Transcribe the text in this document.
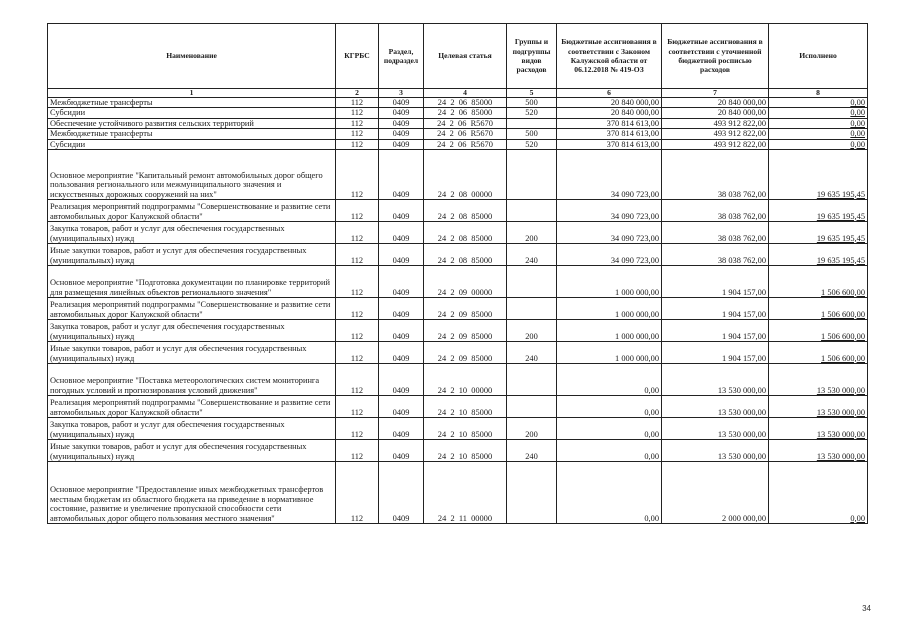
Наименование	КГРБС	Раздел, подраздел	Целевая статья	Группы и подгруппы видов расходов	Бюджетные ассигнования в соответствии с Законом Калужской области от 06.12.2018 № 419-ОЗ	Бюджетные ассигнования в соответствии с уточненной бюджетной росписью расходов	Исполнено
1	2	3	4	5	6	7	8
Межбюджетные трансферты	112	0409	24  2  06  85000	500	20 840 000,00	20 840 000,00	0,00
Субсидии	112	0409	24  2  06  85000	520	20 840 000,00	20 840 000,00	0,00
Обеспечение устойчивого развития сельских территорий	112	0409	24  2  06  R5670		370 814 613,00	493 912 822,00	0,00
Межбюджетные трансферты	112	0409	24  2  06  R5670	500	370 814 613,00	493 912 822,00	0,00
Субсидии	112	0409	24  2  06  R5670	520	370 814 613,00	493 912 822,00	0,00
Основное мероприятие "Капитальный ремонт автомобильных дорог общего пользования регионального или межмуниципального значения и искусственных дорожных сооружений на них"	112	0409	24  2  08  00000		34 090 723,00	38 038 762,00	19 635 195,45
Реализация мероприятий подпрограммы "Совершенствование и развитие сети автомобильных дорог Калужской области"	112	0409	24  2  08  85000		34 090 723,00	38 038 762,00	19 635 195,45
Закупка товаров, работ и услуг для обеспечения государственных (муниципальных) нужд	112	0409	24  2  08  85000	200	34 090 723,00	38 038 762,00	19 635 195,45
Иные закупки товаров, работ и услуг для обеспечения государственных (муниципальных) нужд	112	0409	24  2  08  85000	240	34 090 723,00	38 038 762,00	19 635 195,45
Основное мероприятие "Подготовка документации по планировке территорий для размещения линейных объектов регионального значения"	112	0409	24  2  09  00000		1 000 000,00	1 904 157,00	1 506 600,00
Реализация мероприятий подпрограммы "Совершенствование и развитие сети автомобильных дорог Калужской области"	112	0409	24  2  09  85000		1 000 000,00	1 904 157,00	1 506 600,00
Закупка товаров, работ и услуг для обеспечения государственных (муниципальных) нужд	112	0409	24  2  09  85000	200	1 000 000,00	1 904 157,00	1 506 600,00
Иные закупки товаров, работ и услуг для обеспечения государственных (муниципальных) нужд	112	0409	24  2  09  85000	240	1 000 000,00	1 904 157,00	1 506 600,00
Основное мероприятие "Поставка метеорологических систем мониторинга погодных условий и прогнозирования условий движения"	112	0409	24  2  10  00000		0,00	13 530 000,00	13 530 000,00
Реализация мероприятий подпрограммы "Совершенствование и развитие сети автомобильных дорог Калужской области"	112	0409	24  2  10  85000		0,00	13 530 000,00	13 530 000,00
Закупка товаров, работ и услуг для обеспечения государственных (муниципальных) нужд	112	0409	24  2  10  85000	200	0,00	13 530 000,00	13 530 000,00
Иные закупки товаров, работ и услуг для обеспечения государственных (муниципальных) нужд	112	0409	24  2  10  85000	240	0,00	13 530 000,00	13 530 000,00
Основное мероприятие "Предоставление иных межбюджетных трансфертов местным бюджетам из областного бюджета на приведение в нормативное состояние, развитие и увеличение пропускной способности сети автомобильных дорог общего пользования местного значения"	112	0409	24  2  11  00000		0,00	2 000 000,00	0,00
34
